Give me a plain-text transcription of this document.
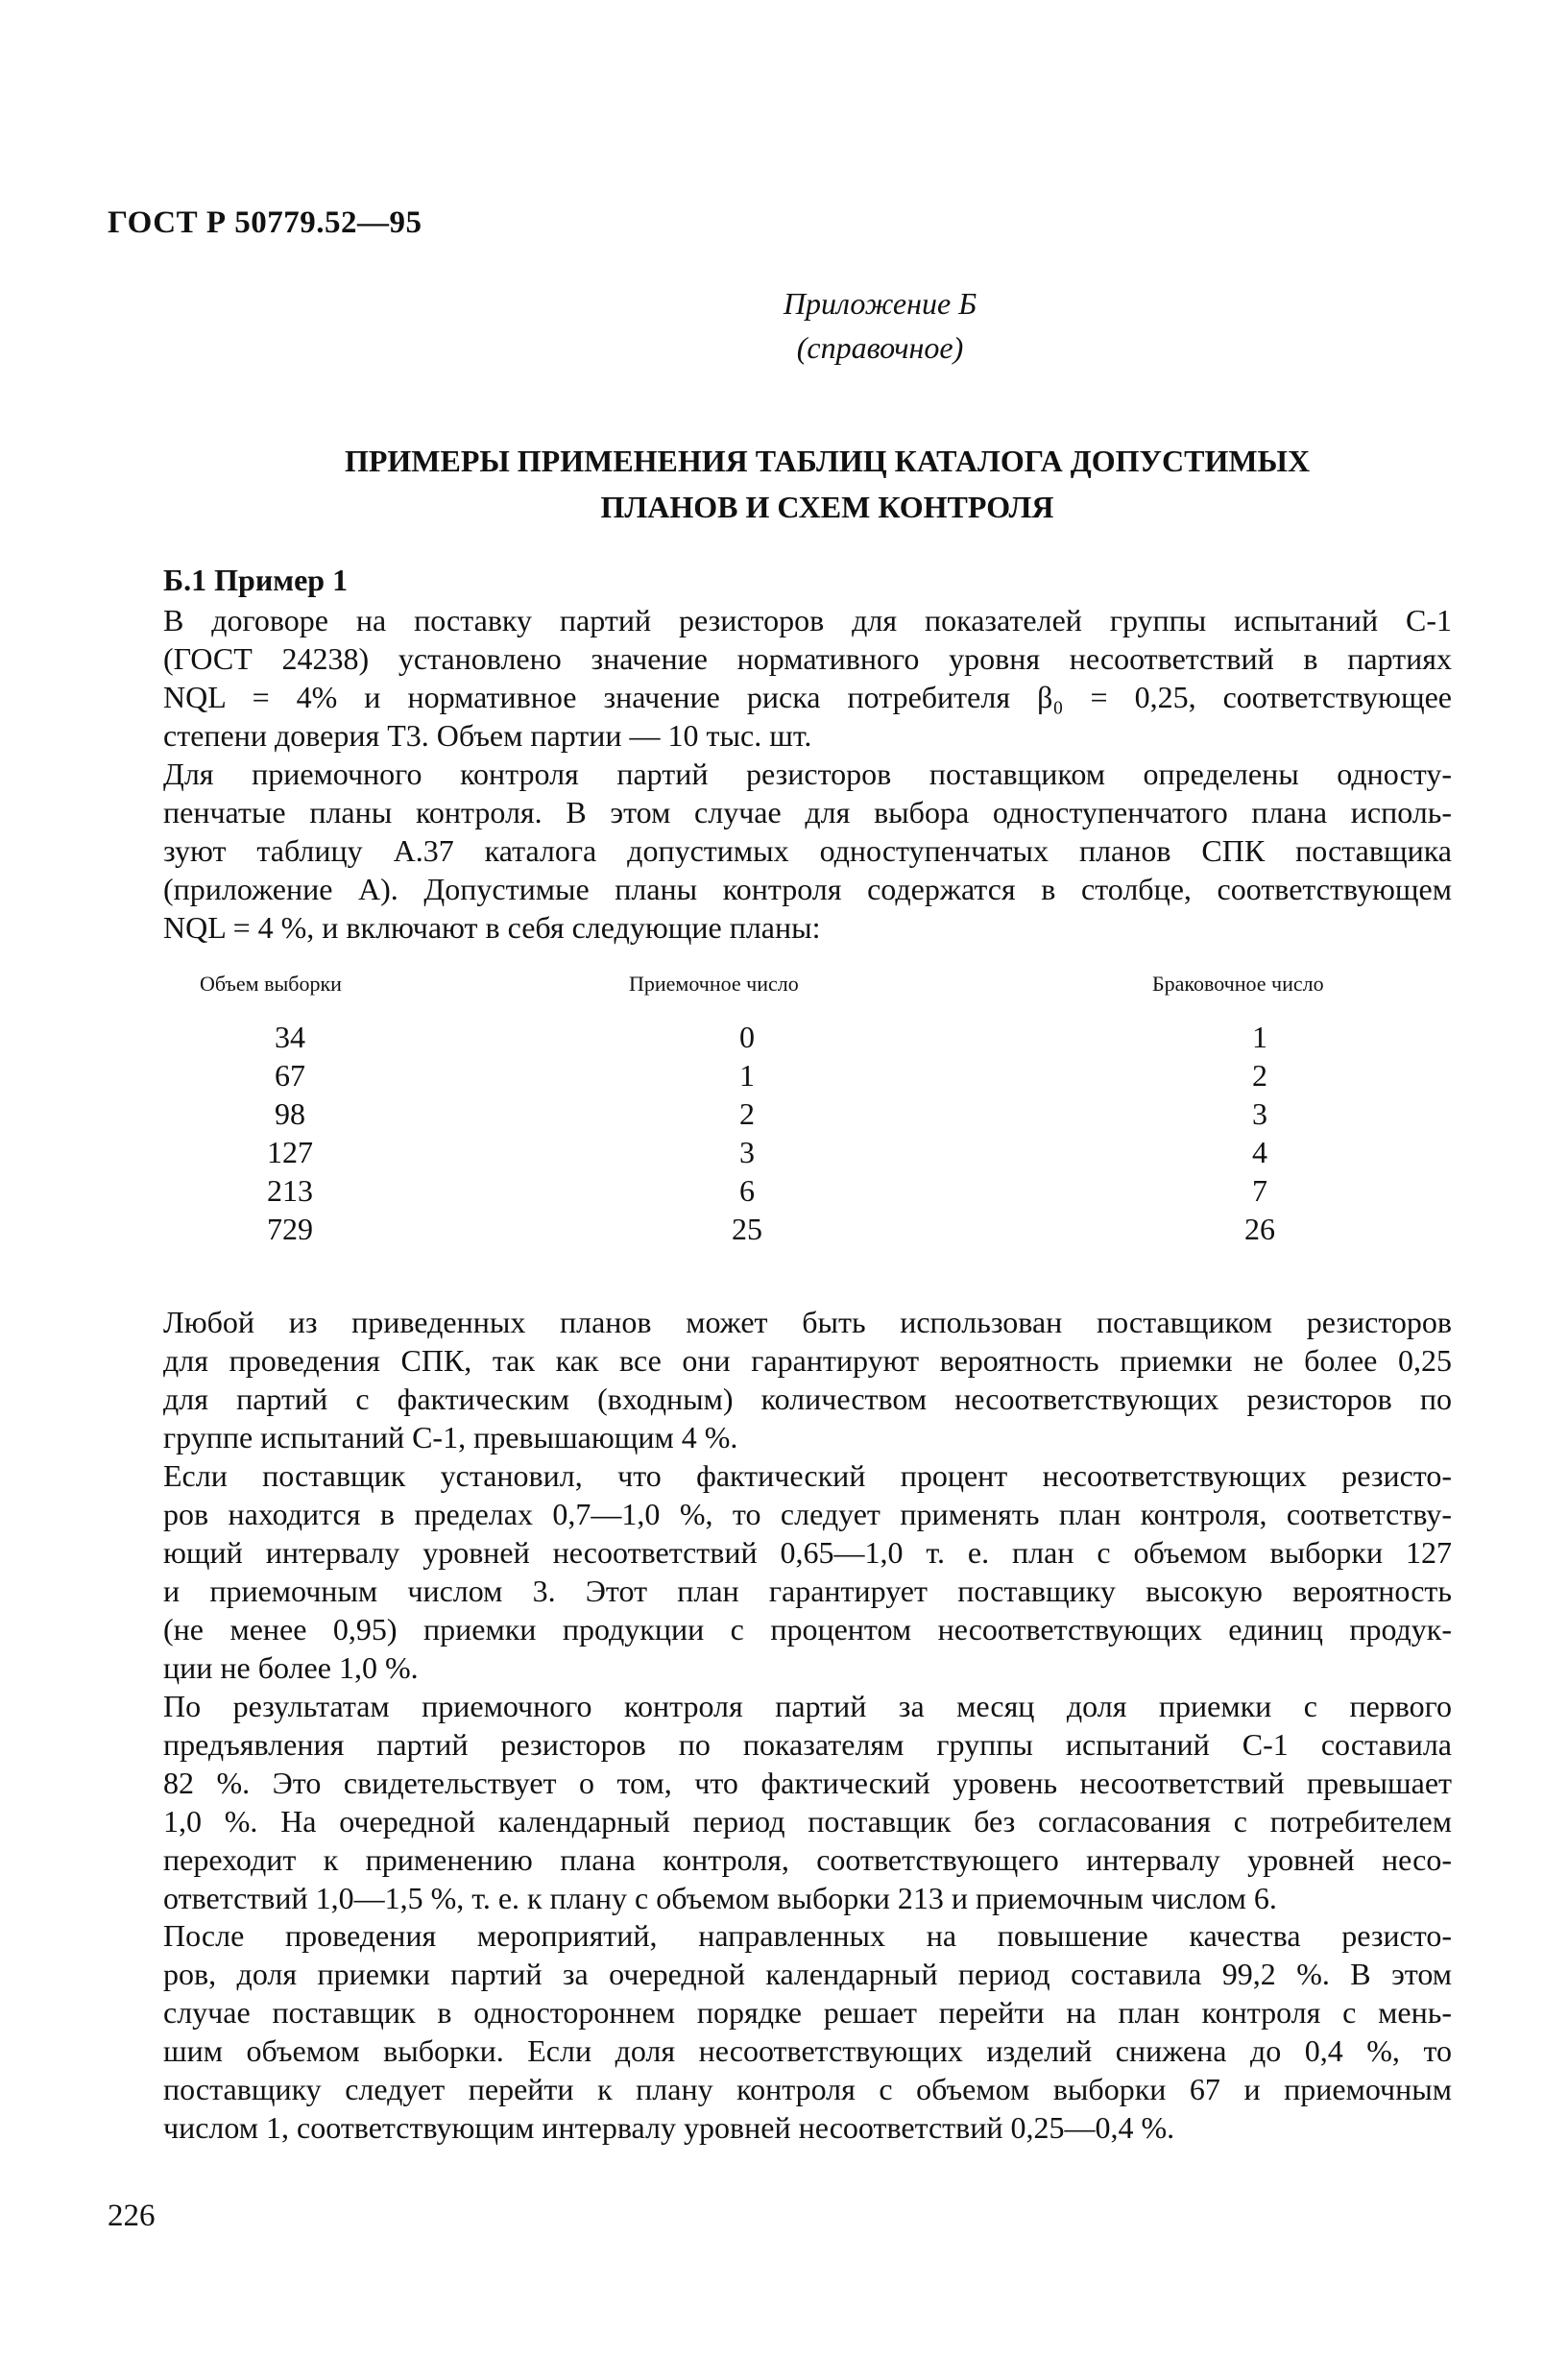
ГОСТ Р 50779.52—95
Приложение Б
(справочное)
ПРИМЕРЫ ПРИМЕНЕНИЯ ТАБЛИЦ КАТАЛОГА ДОПУСТИМЫХ
ПЛАНОВ И СХЕМ КОНТРОЛЯ
Б.1 Пример 1

В договоре на поставку партий резисторов для показателей группы испытаний С-1
(ГОСТ 24238) установлено значение нормативного уровня несоответствий в партиях
NQL = 4% и нормативное значение риска потребителя β₀ = 0,25, соответствующее
степени доверия Т3. Объем партии — 10 тыс. шт.

Для приемочного контроля партий резисторов поставщиком определены односту-
пенчатые планы контроля. В этом случае для выбора одноступенчатого плана исполь-
зуют таблицу А.37 каталога допустимых одноступенчатых планов СПК поставщика
(приложение А). Допустимые планы контроля содержатся в столбце, соответствующем
NQL = 4 %, и включают в себя следующие планы:

Объем выборки	Приемочное число	Браковочное число
34	0	1
67	1	2
98	2	3
127	3	4
213	6	7
729	25	26

Любой из приведенных планов может быть использован поставщиком резисторов
для проведения СПК, так как все они гарантируют вероятность приемки не более 0,25
для партий с фактическим (входным) количеством несоответствующих резисторов по
группе испытаний С-1, превышающим 4 %.

Если поставщик установил, что фактический процент несоответствующих резисто-
ров находится в пределах 0,7—1,0 %, то следует применять план контроля, соответству-
ющий интервалу уровней несоответствий 0,65—1,0 т. е. план с объемом выборки 127
и приемочным числом 3. Этот план гарантирует поставщику высокую вероятность
(не менее 0,95) приемки продукции с процентом несоответствующих единиц продук-
ции не более 1,0 %.

По результатам приемочного контроля партий за месяц доля приемки с первого
предъявления партий резисторов по показателям группы испытаний С-1 составила
82 %. Это свидетельствует о том, что фактический уровень несоответствий превышает
1,0 %. На очередной календарный период поставщик без согласования с потребителем
переходит к применению плана контроля, соответствующего интервалу уровней несо-
ответствий 1,0—1,5 %, т. е. к плану с объемом выборки 213 и приемочным числом 6.

После проведения мероприятий, направленных на повышение качества резисто-
ров, доля приемки партий за очередной календарный период составила 99,2 %. В этом
случае поставщик в одностороннем порядке решает перейти на план контроля с мень-
шим объемом выборки. Если доля несоответствующих изделий снижена до 0,4 %, то
поставщику следует перейти к плану контроля с объемом выборки 67 и приемочным
числом 1, соответствующим интервалу уровней несоответствий 0,25—0,4 %.

226
